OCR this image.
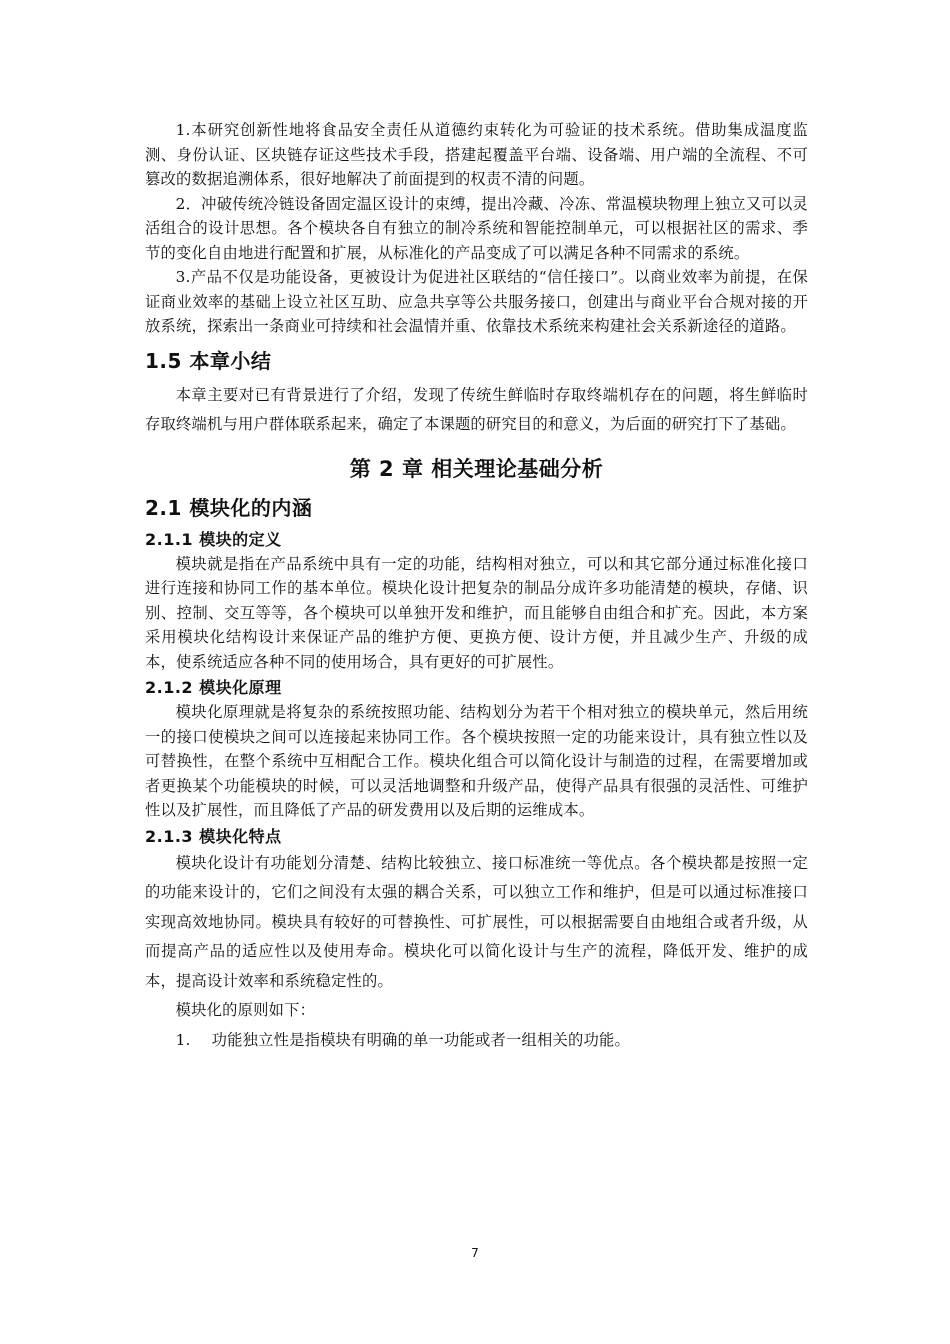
1.本研究创新性地将食品安全责任从道德约束转化为可验证的技术系统。借助集成温度监测、身份认证、区块链存证这些技术手段，搭建起覆盖平台端、设备端、用户端的全流程、不可篡改的数据追溯体系，很好地解决了前面提到的权责不清的问题。

2．冲破传统冷链设备固定温区设计的束缚，提出冷藏、冷冻、常温模块物理上独立又可以灵活组合的设计思想。各个模块各自有独立的制冷系统和智能控制单元，可以根据社区的需求、季节的变化自由地进行配置和扩展，从标准化的产品变成了可以满足各种不同需求的系统。

3.产品不仅是功能设备，更被设计为促进社区联结的“信任接口”。以商业效率为前提，在保证商业效率的基础上设立社区互助、应急共享等公共服务接口，创建出与商业平台合规对接的开放系统，探索出一条商业可持续和社会温情并重、依靠技术系统来构建社会关系新途径的道路。

1.5 本章小结

本章主要对已有背景进行了介绍，发现了传统生鲜临时存取终端机存在的问题，将生鲜临时存取终端机与用户群体联系起来，确定了本课题的研究目的和意义，为后面的研究打下了基础。

第 2 章 相关理论基础分析
2.1 模块化的内涵
2.1.1 模块的定义

模块就是指在产品系统中具有一定的功能，结构相对独立，可以和其它部分通过标准化接口进行连接和协同工作的基本单位。模块化设计把复杂的制品分成许多功能清楚的模块，存储、识别、控制、交互等等，各个模块可以单独开发和维护，而且能够自由组合和扩充。因此，本方案采用模块化结构设计来保证产品的维护方便、更换方便、设计方便，并且减少生产、升级的成本，使系统适应各种不同的使用场合，具有更好的可扩展性。

2.1.2 模块化原理

模块化原理就是将复杂的系统按照功能、结构划分为若干个相对独立的模块单元，然后用统一的接口使模块之间可以连接起来协同工作。各个模块按照一定的功能来设计，具有独立性以及可替换性，在整个系统中互相配合工作。模块化组合可以简化设计与制造的过程，在需要增加或者更换某个功能模块的时候，可以灵活地调整和升级产品，使得产品具有很强的灵活性、可维护性以及扩展性，而且降低了产品的研发费用以及后期的运维成本。

2.1.3 模块化特点

模块化设计有功能划分清楚、结构比较独立、接口标准统一等优点。各个模块都是按照一定的功能来设计的，它们之间没有太强的耦合关系，可以独立工作和维护，但是可以通过标准接口实现高效地协同。模块具有较好的可替换性、可扩展性，可以根据需要自由地组合或者升级，从而提高产品的适应性以及使用寿命。模块化可以简化设计与生产的流程，降低开发、维护的成本，提高设计效率和系统稳定性的。

模块化的原则如下：

1. 功能独立性是指模块有明确的单一功能或者一组相关的功能。
7
